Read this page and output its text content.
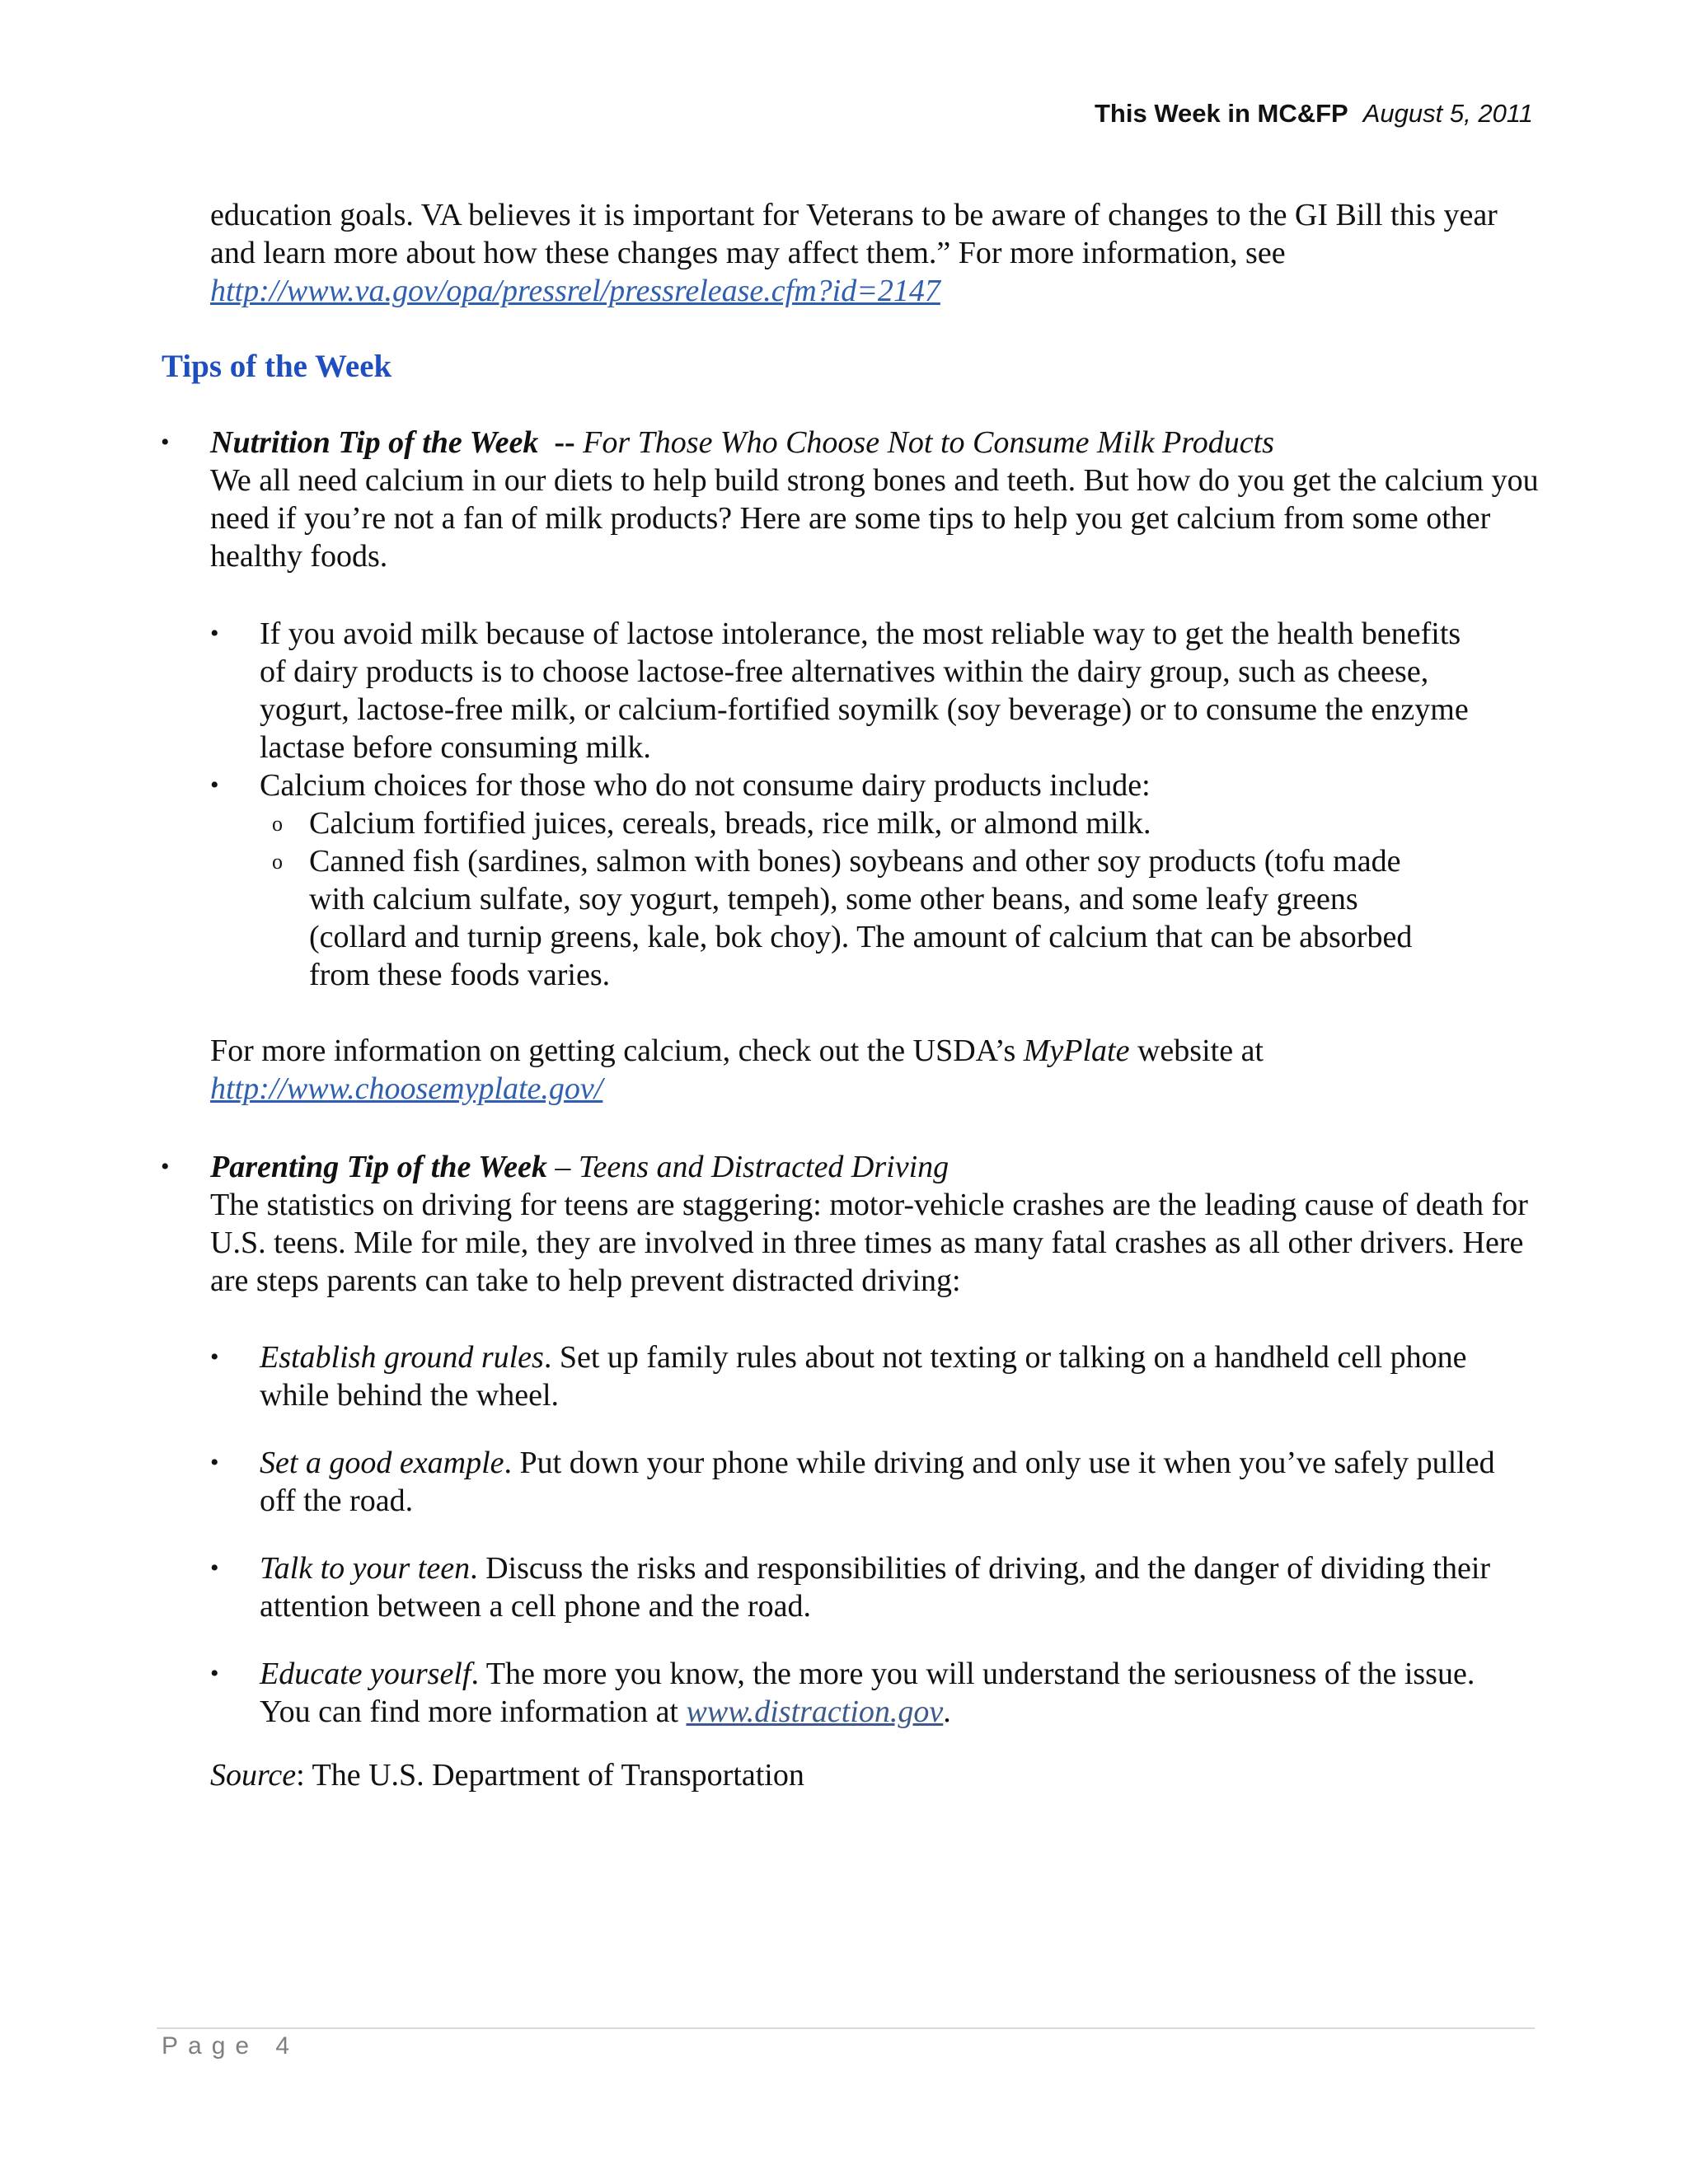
This Week in MC&FP August 5, 2011

education goals. VA believes it is important for Veterans to be aware of changes to the GI Bill this year and learn more about how these changes may affect them.” For more information, see
http://www.va.gov/opa/pressrel/pressrelease.cfm?id=2147

Tips of the Week
• Nutrition Tip of the Week -- For Those Who Choose Not to Consume Milk Products
We all need calcium in our diets to help build strong bones and teeth. But how do you get the calcium you need if you’re not a fan of milk products? Here are some tips to help you get calcium from some other healthy foods.

• If you avoid milk because of lactose intolerance, the most reliable way to get the health benefits of dairy products is to choose lactose-free alternatives within the dairy group, such as cheese, yogurt, lactose-free milk, or calcium-fortified soymilk (soy beverage) or to consume the enzyme lactase before consuming milk.

• Calcium choices for those who do not consume dairy products include:

o Calcium fortified juices, cereals, breads, rice milk, or almond milk.

o Canned fish (sardines, salmon with bones) soybeans and other soy products (tofu made with calcium sulfate, soy yogurt, tempeh), some other beans, and some leafy greens (collard and turnip greens, kale, bok choy). The amount of calcium that can be absorbed from these foods varies.

For more information on getting calcium, check out the USDA’s MyPlate website at
http://www.choosemyplate.gov/

• Parenting Tip of the Week – Teens and Distracted Driving
The statistics on driving for teens are staggering: motor-vehicle crashes are the leading cause of death for U.S. teens. Mile for mile, they are involved in three times as many fatal crashes as all other drivers. Here are steps parents can take to help prevent distracted driving:

• Establish ground rules. Set up family rules about not texting or talking on a handheld cell phone while behind the wheel.

• Set a good example. Put down your phone while driving and only use it when you’ve safely pulled off the road.

• Talk to your teen. Discuss the risks and responsibilities of driving, and the danger of dividing their attention between a cell phone and the road.

• Educate yourself. The more you know, the more you will understand the seriousness of the issue. You can find more information at www.distraction.gov.

Source: The U.S. Department of Transportation

Page 4
